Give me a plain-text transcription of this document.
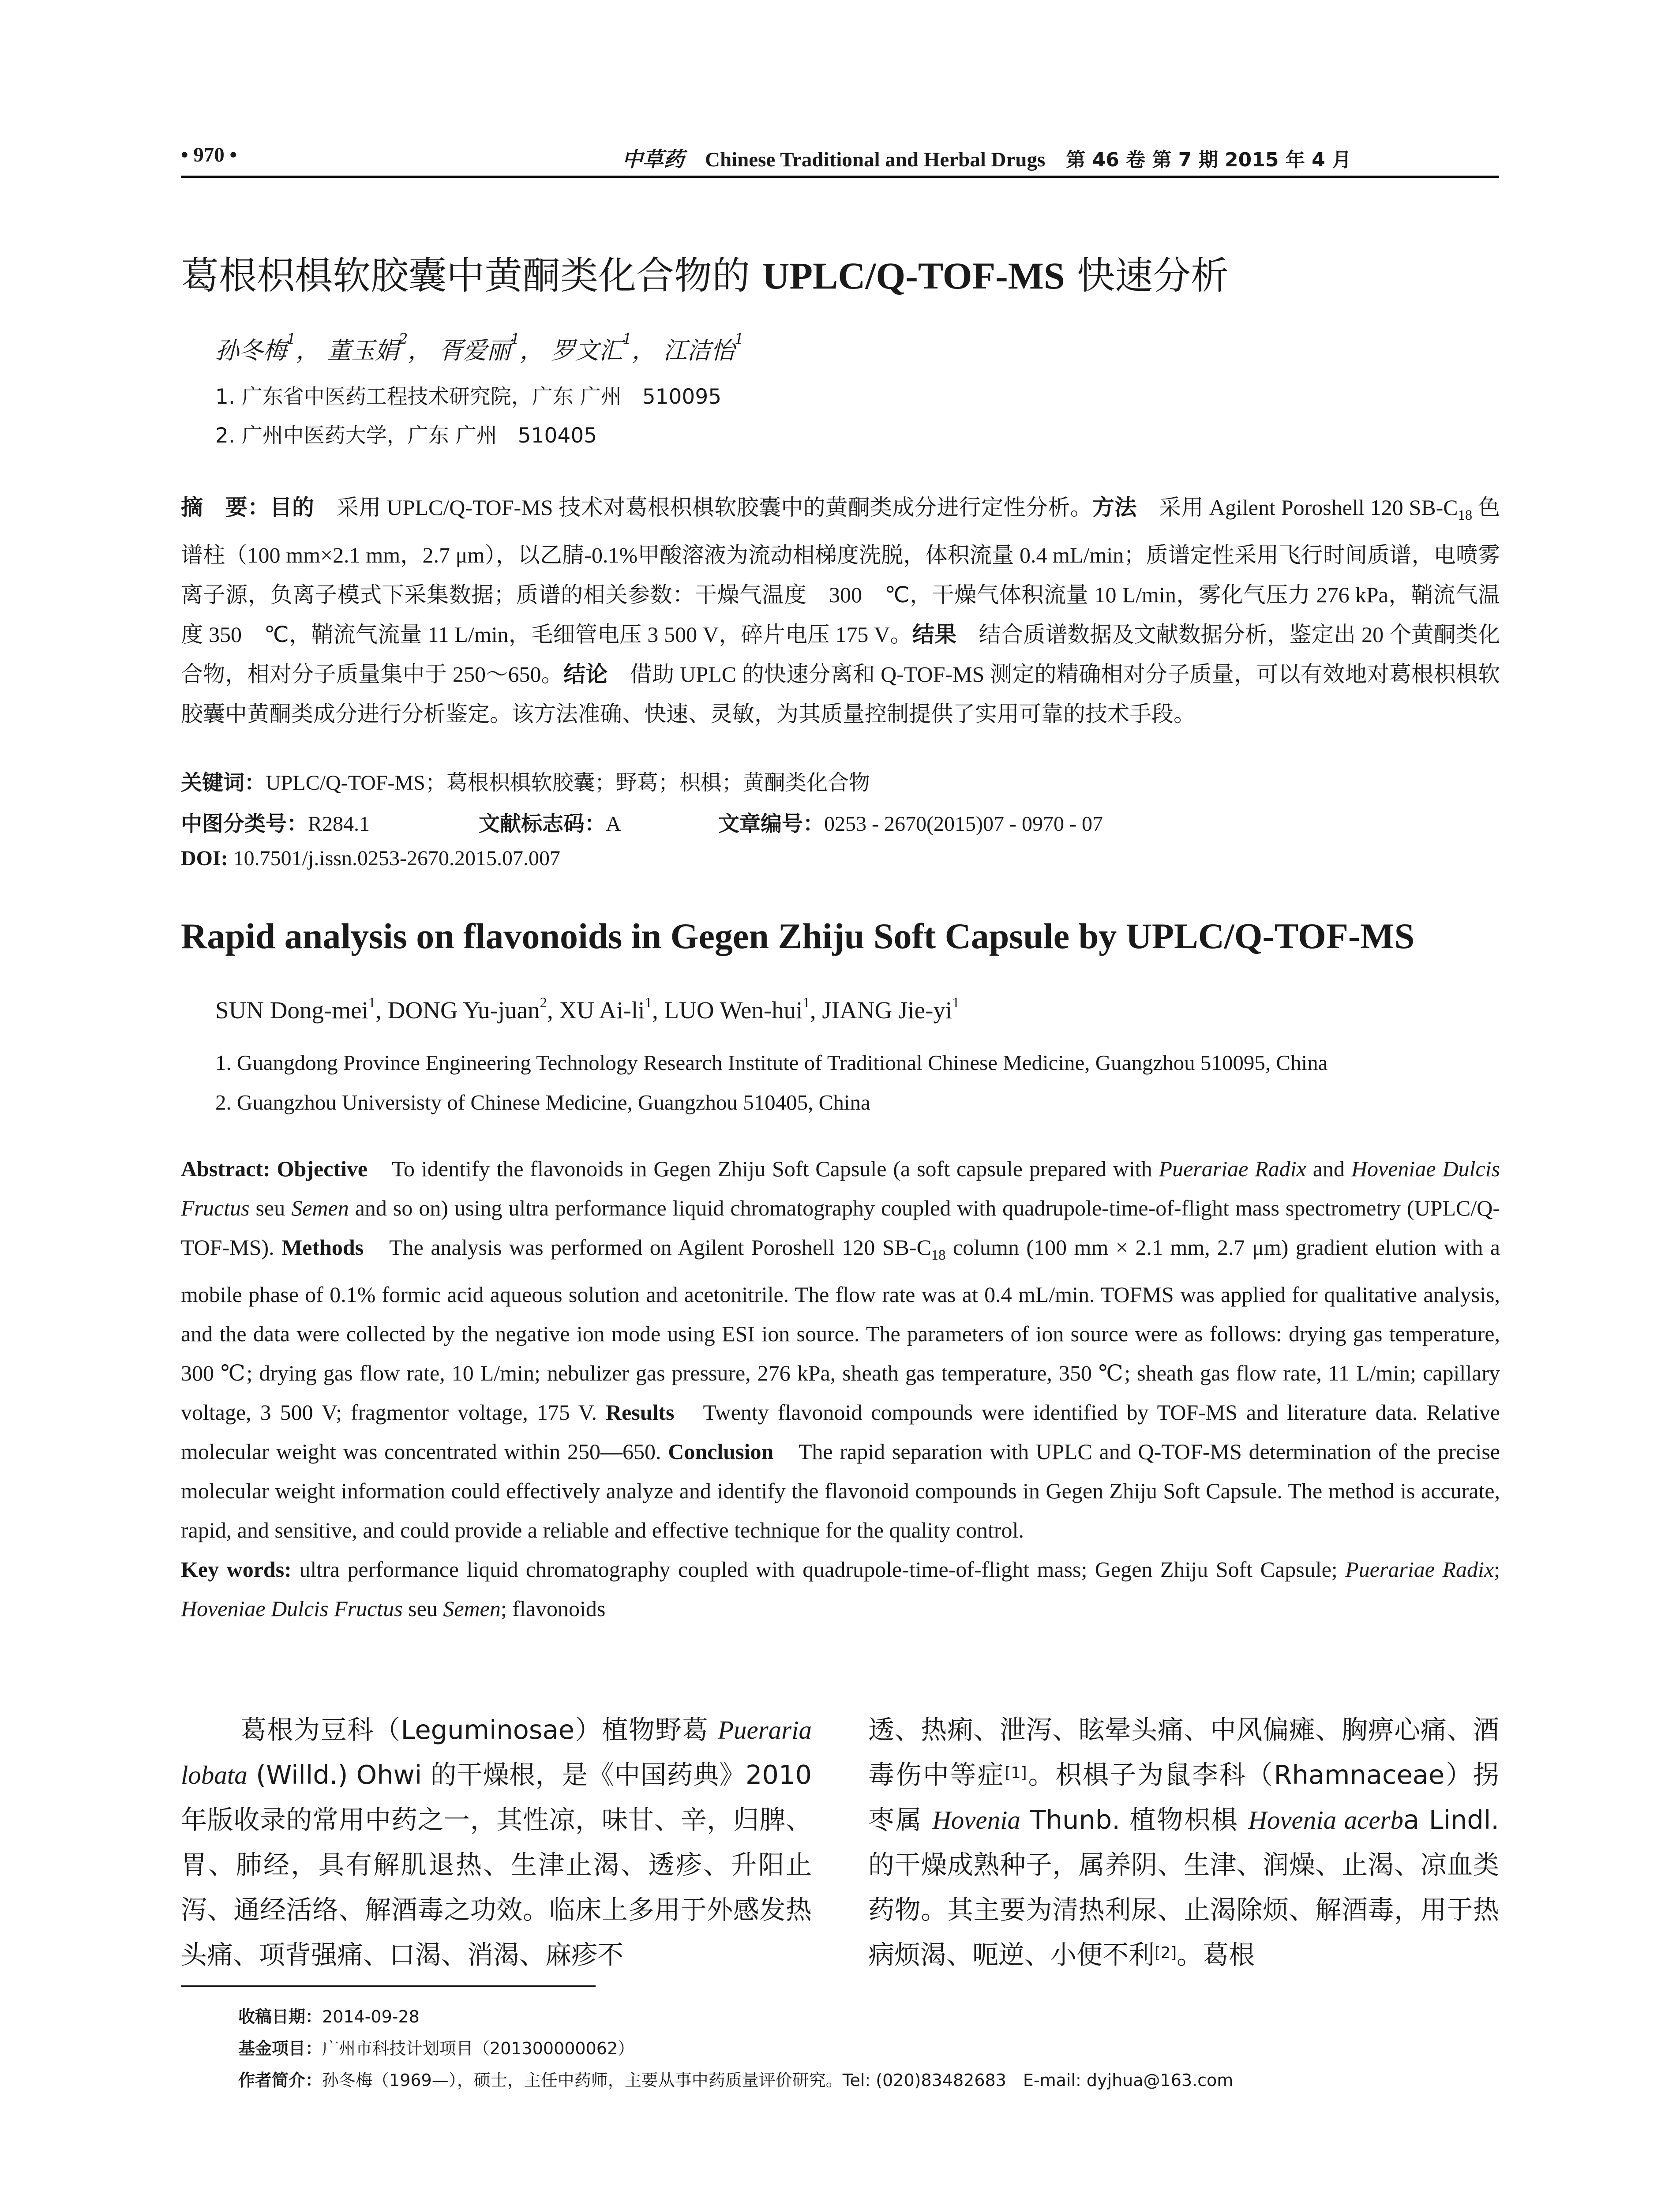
• 970 •	中草药 Chinese Traditional and Herbal Drugs 第 46 卷 第 7 期 2015 年 4 月
葛根枳椇软胶囊中黄酮类化合物的 UPLC/Q-TOF-MS 快速分析
孙冬梅$^1$， 董玉娟$^2$， 胥爱丽$^1$， 罗文汇$^1$， 江洁怡$^1$
1. 广东省中医药工程技术研究院，广东 广州　510095
2. 广州中医药大学，广东 广州　510405
摘　要：目的　采用 UPLC/Q-TOF-MS 技术对葛根枳椇软胶囊中的黄酮类成分进行定性分析。方法　采用 Agilent Poroshell 120 $SB-C_{18}$ 色谱柱（100 mm×2.1 mm，2.7 μm），以乙腈-0.1%甲酸溶液为流动相梯度洗脱，体积流量 0.4 mL/min；质谱定性采用飞行时间质谱，电喷雾离子源，负离子模式下采集数据；质谱的相关参数：干燥气温度　300　℃，干燥气体积流量 10 L/min，雾化气压力 276 kPa，鞘流气温度 350　℃，鞘流气流量 11 L/min，毛细管电压 3 500 V，碎片电压 175 V。结果　结合质谱数据及文献数据分析，鉴定出 20 个黄酮类化合物，相对分子质量集中于 250～650。结论　借助 UPLC 的快速分离和 Q-TOF-MS 测定的精确相对分子质量，可以有效地对葛根枳椇软胶囊中黄酮类成分进行分析鉴定。该方法准确、快速、灵敏，为其质量控制提供了实用可靠的技术手段。
关键词：UPLC/Q-TOF-MS；葛根枳椇软胶囊；野葛；枳椇；黄酮类化合物
中图分类号：R284.1	文献标志码：A	文章编号：0253 - 2670(2015)07 - 0970 - 07
DOI: 10.7501/j.issn.0253-2670.2015.07.007
Rapid analysis on flavonoids in Gegen Zhiju Soft Capsule by UPLC/Q-TOF-MS
SUN Dong-mei$^1$, DONG Yu-juan$^2$, XU $Ai-li^1$, LUO Wen-hui$^1$, JIANG Jie-$yi^1$
1. Guangdong Province Engineering Technology Research Institute of Traditional Chinese Medicine, Guangzhou 510095, China
2. Guangzhou Universisty of Chinese Medicine, Guangzhou 510405, China
Abstract: Objective　To identify the flavonoids in Gegen Zhiju Soft Capsule (a soft capsule prepared with Puerariae Radix and Hoveniae Dulcis Fructus seu Semen and so on) using ultra performance liquid chromatography coupled with quadrupole-time-of-flight mass spectrometry (UPLC/Q-TOF-MS). Methods　The analysis was performed on Agilent Poroshell 120 $SB-C_{18}$ column (100 mm × 2.1 mm, 2.7 μm) gradient elution with a mobile phase of 0.1% formic acid aqueous solution and acetonitrile. The flow rate was at 0.4 mL/min. TOFMS was applied for qualitative analysis, and the data were collected by the negative ion mode using ESI ion source. The parameters of ion source were as follows: drying gas temperature, 300 ℃; drying gas flow rate, 10 L/min; nebulizer gas pressure, 276 kPa, sheath gas temperature, 350 ℃; sheath gas flow rate, 11 L/min; capillary voltage, 3 500 V; fragmentor voltage, 175 V. Results　Twenty flavonoid compounds were identified by TOF-MS and literature data. Relative molecular weight was concentrated within 250—650. Conclusion　The rapid separation with UPLC and Q-TOF-MS determination of the precise molecular weight information could effectively analyze and identify the flavonoid compounds in Gegen Zhiju Soft Capsule. The method is accurate, rapid, and sensitive, and could provide a reliable and effective technique for the quality control.
Key words: ultra performance liquid chromatography coupled with quadrupole-time-of-flight mass; Gegen Zhiju Soft Capsule; Puerariae Radix; Hoveniae Dulcis Fructus seu Semen; flavonoids
葛根为豆科（Leguminosae）植物野葛 Pueraria lobata (Willd.) Ohwi 的干燥根，是《中国药典》2010 年版收录的常用中药之一，其性凉，味甘、辛，归脾、胃、肺经，具有解肌退热、生津止渴、透疹、升阳止泻、通经活络、解酒毒之功效。临床上多用于外感发热头痛、项背强痛、口渴、消渴、麻疹不
透、热痢、泄泻、眩晕头痛、中风偏瘫、胸痹心痛、酒毒伤中等症[1]。枳椇子为鼠李科（Rhamnaceae）拐枣属 Hovenia Thunb. 植物枳椇 Hovenia acerba Lindl. 的干燥成熟种子，属养阴、生津、润燥、止渴、凉血类药物。其主要为清热利尿、止渴除烦、解酒毒，用于热病烦渴、呃逆、小便不利[2]。葛根
收稿日期：2014-09-28
基金项目：广州市科技计划项目（201300000062）
作者简介：孙冬梅（1969—），硕士，主任中药师，主要从事中药质量评价研究。Tel: (020)83482683　E-mail: dyjhua@163.com
